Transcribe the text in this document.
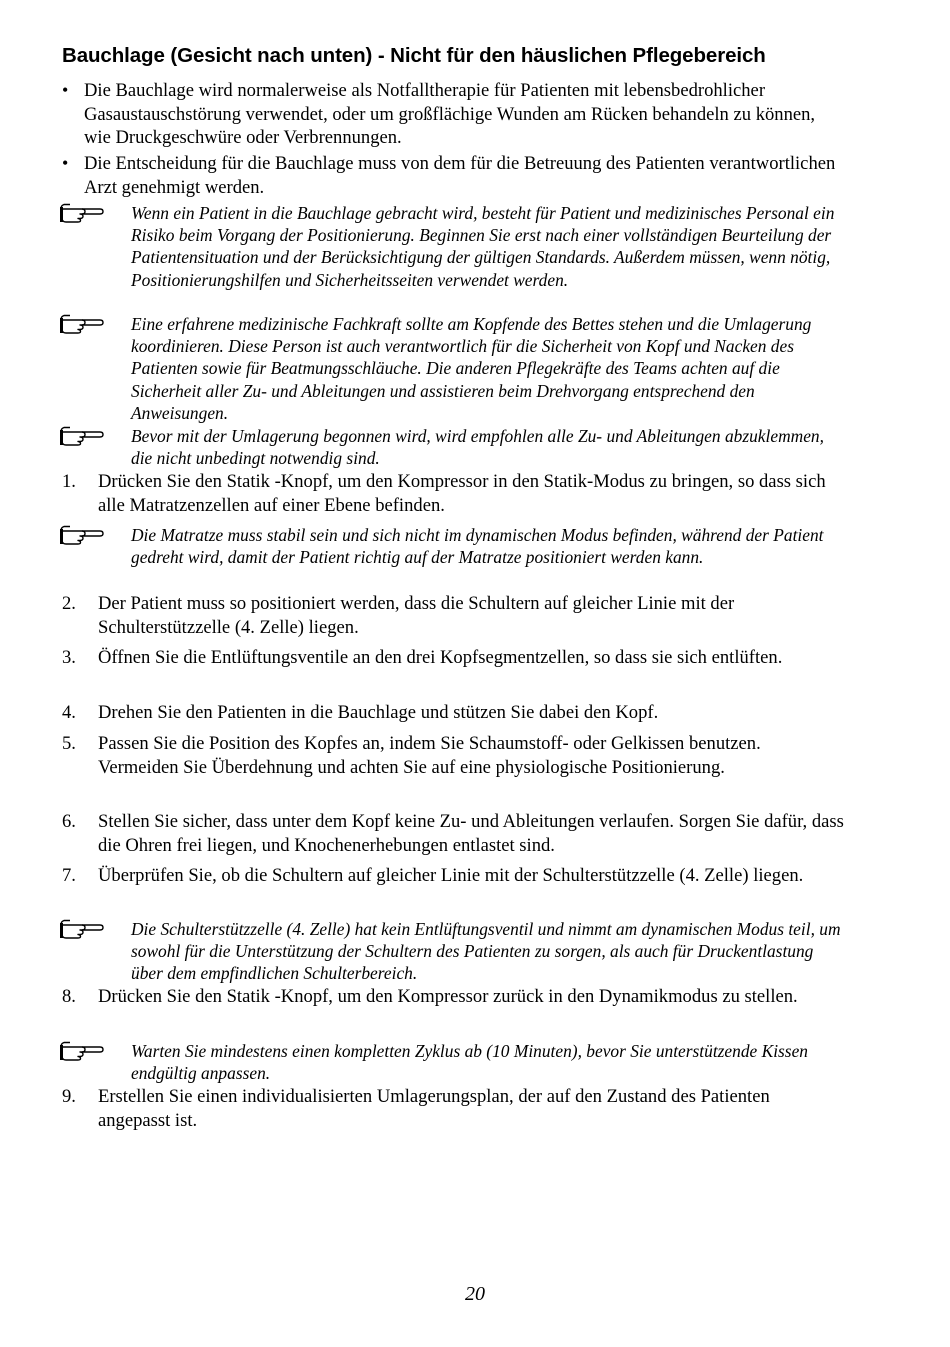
Bauchlage (Gesicht nach unten) - Nicht für den häuslichen Pflegebereich
• Die Bauchlage wird normalerweise als Notfalltherapie für Patienten mit lebensbedrohlicher Gasaustauschstörung verwendet, oder um großflächige Wunden am Rücken behandeln zu können, wie Druckgeschwüre oder Verbrennungen.
• Die Entscheidung für die Bauchlage muss von dem für die Betreuung des Patienten verantwortlichen Arzt genehmigt werden.
Wenn ein Patient in die Bauchlage gebracht wird, besteht für Patient und medizinisches Personal ein Risiko beim Vorgang der Positionierung. Beginnen Sie erst nach einer vollständigen Beurteilung der Patientensituation und der Berücksichtigung der gültigen Standards. Außerdem müssen, wenn nötig, Positionierungshilfen und Sicherheitsseiten verwendet werden.
Eine erfahrene medizinische Fachkraft sollte am Kopfende des Bettes stehen und die Umlagerung koordinieren. Diese Person ist auch verantwortlich für die Sicherheit von Kopf und Nacken des Patienten sowie für Beatmungsschläuche. Die anderen Pflegekräfte des Teams achten auf die Sicherheit aller Zu- und Ableitungen und assistieren beim Drehvorgang entsprechend den Anweisungen.
Bevor mit der Umlagerung begonnen wird, wird empfohlen alle Zu- und Ableitungen abzuklemmen, die nicht unbedingt notwendig sind.
1. Drücken Sie den Statik -Knopf, um den Kompressor in den Statik-Modus zu bringen, so dass sich alle Matratzenzellen auf einer Ebene befinden.
Die Matratze muss stabil sein und sich nicht im dynamischen Modus befinden, während der Patient gedreht wird, damit der Patient richtig auf der Matratze positioniert werden kann.
2. Der Patient muss so positioniert werden, dass die Schultern auf gleicher Linie mit der Schulterstützzelle (4. Zelle) liegen.
3. Öffnen Sie die Entlüftungsventile an den drei Kopfsegmentzellen, so dass sie sich entlüften.
4. Drehen Sie den Patienten in die Bauchlage und stützen Sie dabei den Kopf.
5. Passen Sie die Position des Kopfes an, indem Sie Schaumstoff- oder Gelkissen benutzen. Vermeiden Sie Überdehnung und achten Sie auf eine physiologische Positionierung.
6. Stellen Sie sicher, dass unter dem Kopf keine Zu- und Ableitungen verlaufen. Sorgen Sie dafür, dass die Ohren frei liegen, und Knochenerhebungen entlastet sind.
7. Überprüfen Sie, ob die Schultern auf gleicher Linie mit der Schulterstützzelle (4. Zelle) liegen.
Die Schulterstützzelle (4. Zelle) hat kein Entlüftungsventil und nimmt am dynamischen Modus teil, um sowohl für die Unterstützung der Schultern des Patienten zu sorgen, als auch für Druckentlastung über dem empfindlichen Schulterbereich.
8. Drücken Sie den Statik -Knopf, um den Kompressor zurück in den Dynamikmodus zu stellen.
Warten Sie mindestens einen kompletten Zyklus ab (10 Minuten), bevor Sie unterstützende Kissen endgültig anpassen.
9. Erstellen Sie einen individualisierten Umlagerungsplan, der auf den Zustand des Patienten angepasst ist.
20
